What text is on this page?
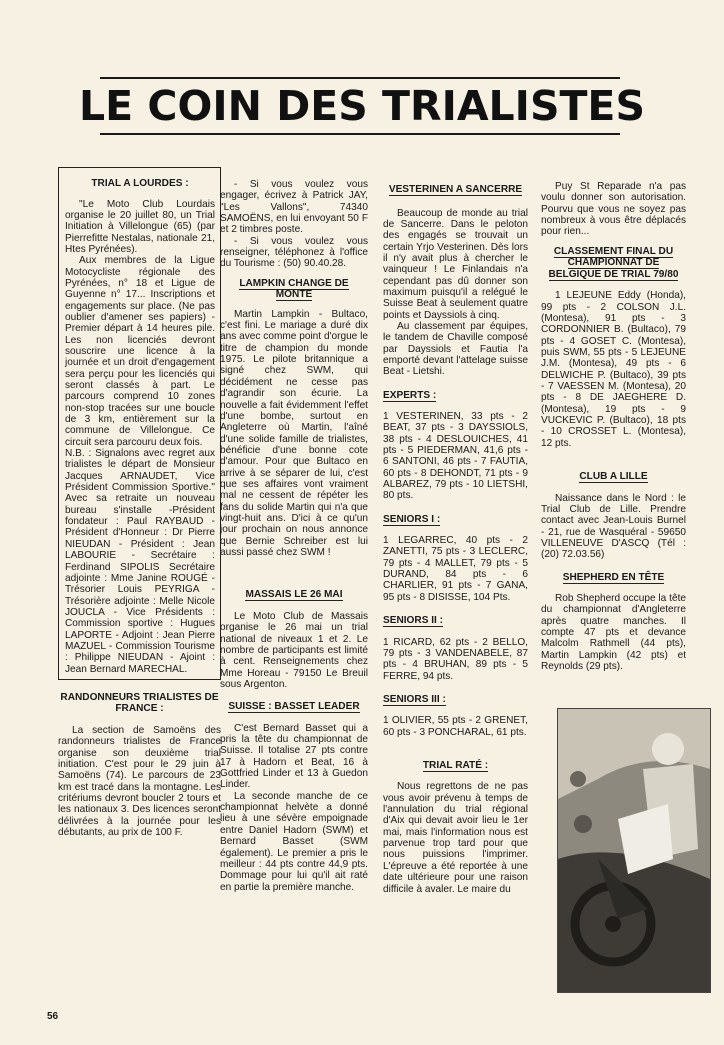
LE COIN DES TRIALISTES
TRIAL A LOURDES :

"Le Moto Club Lourdais organise le 20 juillet 80, un Trial Initiation à Villelongue (65) (par Pierrefitte Nestalas, nationale 21, Htes Pyrénées).

Aux membres de la Ligue Motocycliste régionale des Pyrénées, n° 18 et Ligue de Guyenne n° 17... Inscriptions et engagements sur place. (Ne pas oublier d'amener ses papiers) - Premier départ à 14 heures pile. Les non licenciés devront souscrire une licence à la journée et un droit d'engagement sera perçu pour les licenciés qui seront classés à part. Le parcours comprend 10 zones non-stop tracées sur une boucle de 3 km, entièrement sur la commune de Villelongue. Ce circuit sera parcouru deux fois.

N.B. : Signalons avec regret aux trialistes le départ de Monsieur Jacques ARNAUDET, Vice Président Commission Sportive." Avec sa retraite un nouveau bureau s'installe -Président fondateur : Paul RAYBAUD - Président d'Honneur : Dr Pierre NIEUDAN - Président : Jean LABOURIE - Secrétaire : Ferdinand SIPOLIS Secrétaire adjointe : Mme Janine ROUGÉ - Trésorier Louis PEYRIGA - Trésorière adjointe : Melle Nicole JOUCLA - Vice Présidents : Commission sportive : Hugues LAPORTE - Adjoint : Jean Pierre MAZUEL - Commission Tourisme : Philippe NIEUDAN - Ajoint : Jean Bernard MARECHAL.

RANDONNEURS TRIALISTES DE FRANCE :

La section de Samoëns des randonneurs trialistes de France organise son deuxième trial initiation. C'est pour le 29 juin à Samoëns (74). Le parcours de 23 km est tracé dans la montagne. Les critériums devront boucler 2 tours et les nationaux 3. Des licences seront délivrées à la journée pour les débutants, au prix de 100 F.

- Si vous voulez vous engager, écrivez à Patrick JAY, "Les Vallons", 74340 SAMOËNS, en lui envoyant 50 F et 2 timbres poste.

- Si vous voulez vous renseigner, téléphonez à l'office du Tourisme : (50) 90.40.28.

LAMPKIN CHANGE DE MONTE

Martin Lampkin - Bultaco, c'est fini. Le mariage a duré dix ans avec comme point d'orgue le titre de champion du monde 1975. Le pilote britannique a signé chez SWM, qui décidément ne cesse pas d'agrandir son écurie. La nouvelle a fait évidemment l'effet d'une bombe, surtout en Angleterre où Martin, l'aîné d'une solide famille de trialistes, bénéficie d'une bonne cote d'amour. Pour que Bultaco en arrive à se séparer de lui, c'est que ses affaires vont vraiment mal ne cessent de répéter les fans du solide Martin qui n'a que vingt-huit ans. D'ici à ce qu'un jour prochain on nous annonce que Bernie Schreiber est lui aussi passé chez SWM !

MASSAIS LE 26 MAI

Le Moto Club de Massais organise le 26 mai un trial national de niveaux 1 et 2. Le nombre de participants est limité à cent. Renseignements chez Mme Horeau - 79150 Le Breuil sous Argenton.

SUISSE : BASSET LEADER

C'est Bernard Basset qui a pris la tête du championnat de Suisse. Il totalise 27 pts contre 17 à Hadorn et Beat, 16 à Gottfried Linder et 13 à Guedon Linder.

La seconde manche de ce championnat helvète a donné lieu à une sévère empoignade entre Daniel Hadorn (SWM) et Bernard Basset (SWM également). Le premier a pris le meilleur : 44 pts contre 44,9 pts. Dommage pour lui qu'il ait raté en partie la première manche.

VESTERINEN A SANCERRE

Beaucoup de monde au trial de Sancerre. Dans le peloton des engagés se trouvait un certain Yrjo Vesterinen. Dès lors il n'y avait plus à chercher le vainqueur ! Le Finlandais n'a cependant pas dû donner son maximum puisqu'il a relégué le Suisse Beat à seulement quatre points et Dayssiols à cinq.

Au classement par équipes, le tandem de Chaville composé par Dayssiols et Fautia l'a emporté devant l'attelage suisse Beat - Lietshi.

EXPERTS :

1 VESTERINEN, 33 pts - 2 BEAT, 37 pts - 3 DAYSSIOLS, 38 pts - 4 DESLOUICHES, 41 pts - 5 PIEDERMAN, 41,6 pts - 6 SANTONI, 46 pts - 7 FAUTIA, 60 pts - 8 DEHONDT, 71 pts - 9 ALBAREZ, 79 pts - 10 LIETSHI, 80 pts.

SENIORS I :

1 LEGARREC, 40 pts - 2 ZANETTI, 75 pts - 3 LECLERC, 79 pts - 4 MALLET, 79 pts - 5 DURAND, 84 pts - 6 CHARLIER, 91 pts - 7 GANA, 95 pts - 8 DISISSE, 104 Pts.

SENIORS II :

1 RICARD, 62 pts - 2 BELLO, 79 pts - 3 VANDENABELE, 87 pts - 4 BRUHAN, 89 pts - 5 FERRE, 94 pts.

SENIORS III :

1 OLIVIER, 55 pts - 2 GRENET, 60 pts - 3 PONCHARAL, 61 pts.

TRIAL RATÉ :

Nous regrettons de ne pas vous avoir prévenu à temps de l'annulation du trial régional d'Aix qui devait avoir lieu le 1er mai, mais l'information nous est parvenue trop tard pour que nous puissions l'imprimer. L'épreuve a été reportée à une date ultérieure pour une raison difficile à avaler. Le maire du

Puy St Reparade n'a pas voulu donner son autorisation. Pourvu que vous ne soyez pas nombreux à vous être déplacés pour rien...

CLASSEMENT FINAL DU CHAMPIONNAT DE BELGIQUE DE TRIAL 79/80

1 LEJEUNE Eddy (Honda), 99 pts - 2 COLSON J.L. (Montesa), 91 pts - 3 CORDONNIER B. (Bultaco), 79 pts - 4 GOSET C. (Montesa), puis SWM, 55 pts - 5 LEJEUNE J.M. (Montesa), 49 pts - 6 DELWICHE P. (Bultaco), 39 pts - 7 VAESSEN M. (Montesa), 20 pts - 8 DE JAEGHERE D. (Montesa), 19 pts - 9 VUCKEVIC P. (Bultaco), 18 pts - 10 CROSSET L. (Montesa), 12 pts.

CLUB A LILLE

Naissance dans le Nord : le Trial Club de Lille. Prendre contact avec Jean-Louis Burnel - 21, rue de Wasquéral - 59650 VILLENEUVE D'ASCQ (Tél : (20) 72.03.56)

SHEPHERD EN TÊTE

Rob Shepherd occupe la tête du championnat d'Angleterre après quatre manches. Il compte 47 pts et devance Malcolm Rathmell (44 pts), Martin Lampkin (42 pts) et Reynolds (29 pts).

56
